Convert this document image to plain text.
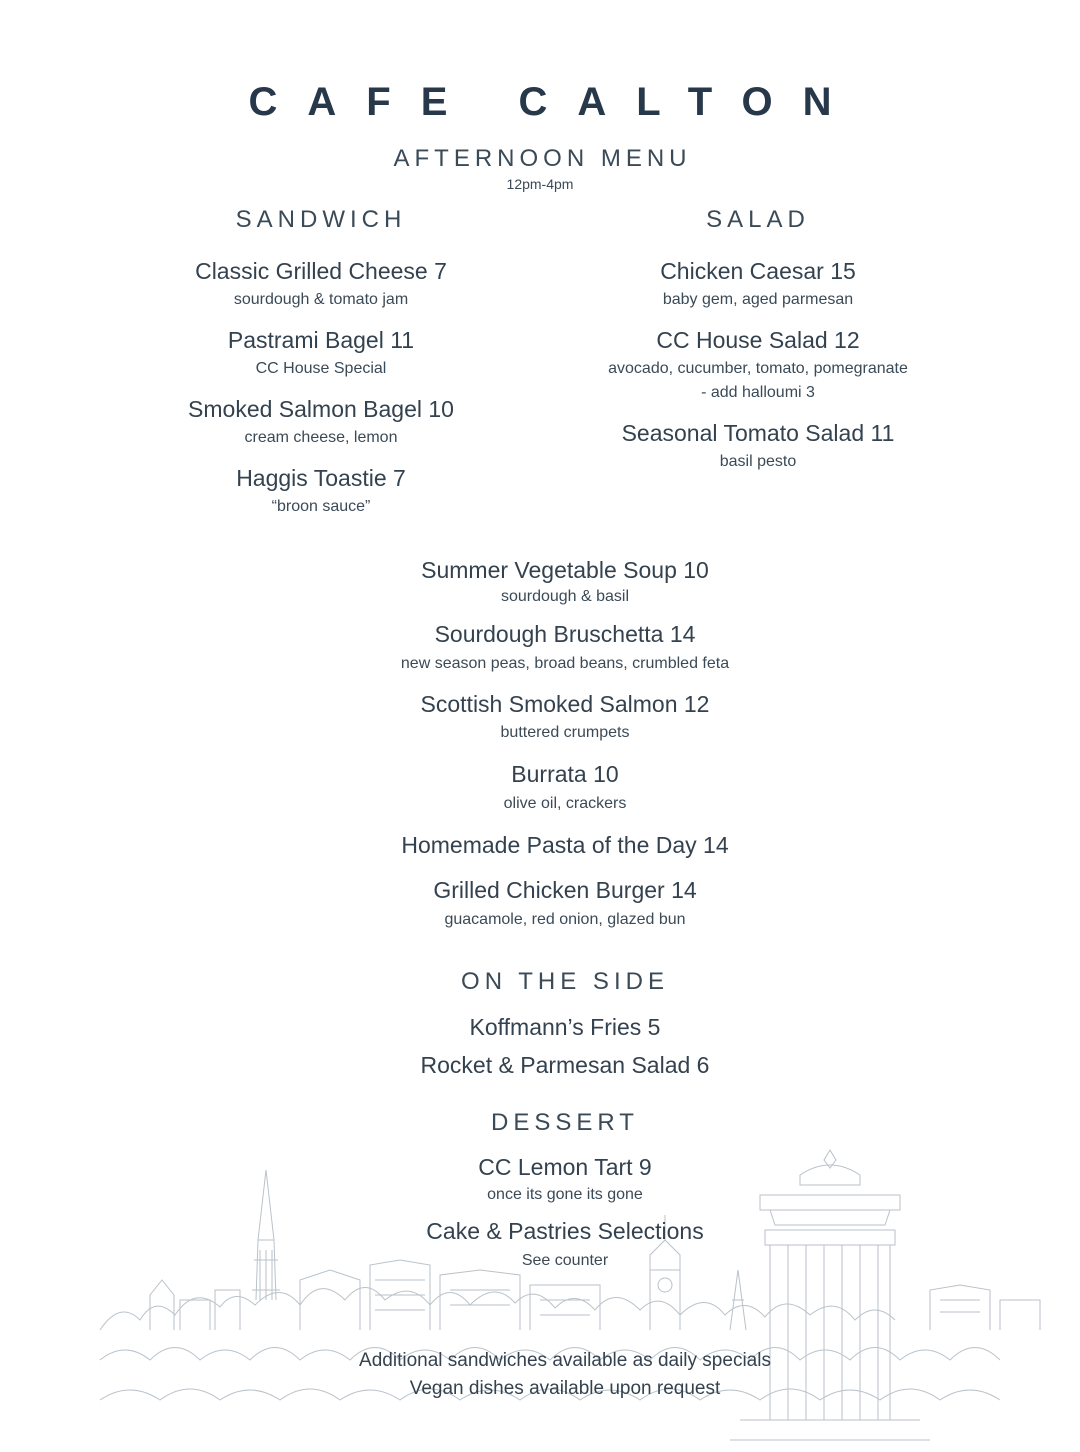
CAFE CALTON
AFTERNOON MENU
12pm-4pm
SANDWICH
Classic Grilled Cheese 7
sourdough & tomato jam
Pastrami Bagel 11
CC House Special
Smoked Salmon Bagel 10
cream cheese, lemon
Haggis Toastie 7
“broon sauce”
SALAD
Chicken Caesar 15
baby gem, aged parmesan
CC House Salad 12
avocado, cucumber, tomato, pomegranate
- add halloumi 3
Seasonal Tomato Salad 11
basil pesto
Summer Vegetable Soup 10
sourdough & basil
Sourdough Bruschetta 14
new season peas, broad beans, crumbled feta
Scottish Smoked Salmon 12
buttered crumpets
Burrata 10
olive oil, crackers
Homemade Pasta of the Day 14
Grilled Chicken Burger 14
guacamole, red onion, glazed bun
ON THE SIDE
Koffmann’s Fries 5
Rocket & Parmesan Salad 6
DESSERT
CC Lemon Tart 9
once its gone its gone
Cake & Pastries Selections
See counter
Additional sandwiches available as daily specials
Vegan dishes available upon request
